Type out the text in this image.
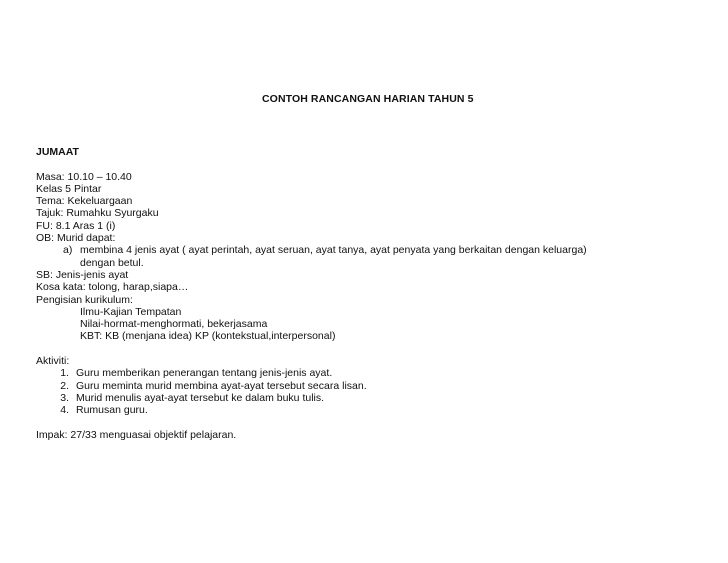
CONTOH RANCANGAN HARIAN TAHUN 5
JUMAAT
Masa: 10.10 – 10.40
Kelas 5 Pintar
Tema: Kekeluargaan
Tajuk: Rumahku Syurgaku
FU: 8.1 Aras 1 (i)
OB: Murid dapat:
a) membina 4 jenis ayat ( ayat perintah, ayat seruan, ayat tanya, ayat penyata yang berkaitan dengan keluarga)
dengan betul.
SB: Jenis-jenis ayat
Kosa kata: tolong, harap,siapa…
Pengisian kurikulum:
Ilmu-Kajian Tempatan
Nilai-hormat-menghormati, bekerjasama
KBT: KB (menjana idea) KP (kontekstual,interpersonal)
Aktiviti:
1. Guru memberikan penerangan tentang jenis-jenis ayat.
2. Guru meminta murid membina ayat-ayat tersebut secara lisan.
3. Murid menulis ayat-ayat tersebut ke dalam buku tulis.
4. Rumusan guru.
Impak: 27/33 menguasai objektif pelajaran.
